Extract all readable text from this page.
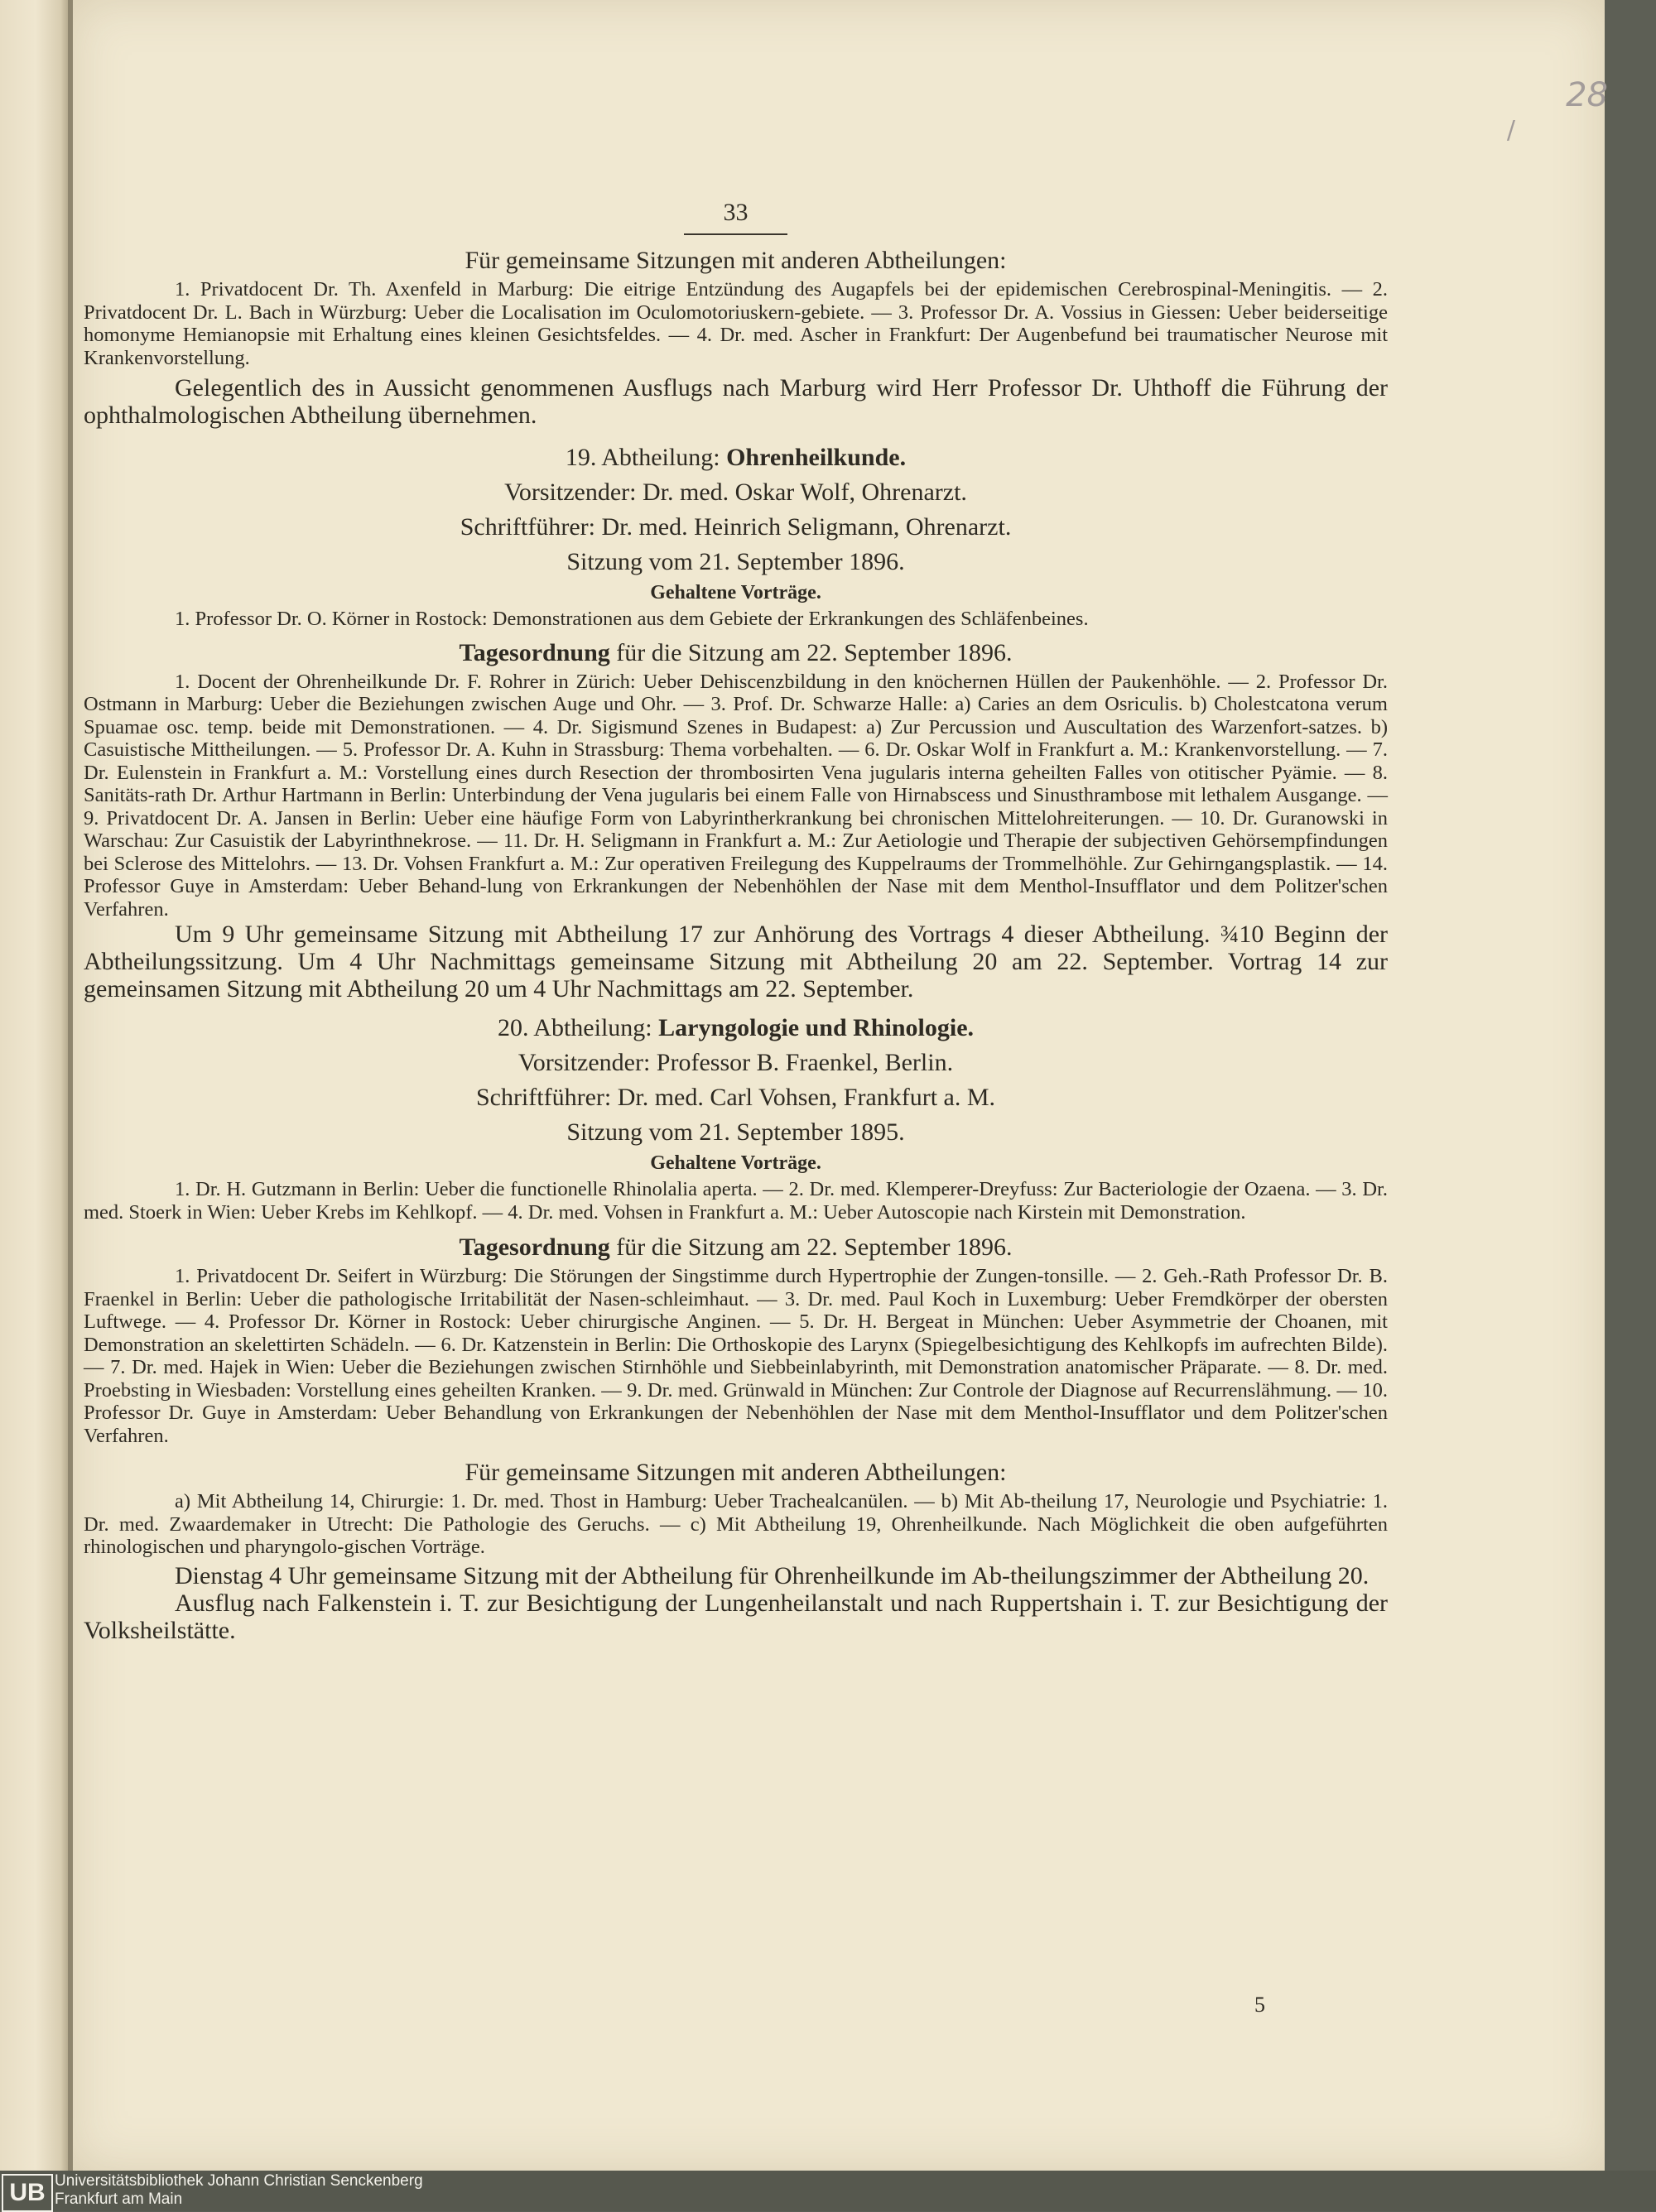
28
/

33

Für gemeinsame Sitzungen mit anderen Abtheilungen:

1. Privatdocent Dr. Th. Axenfeld in Marburg: Die eitrige Entzündung des Augapfels bei der epidemischen Cerebrospinal-Meningitis. — 2. Privatdocent Dr. L. Bach in Würzburg: Ueber die Localisation im Oculomotoriuskern-gebiete. — 3. Professor Dr. A. Vossius in Giessen: Ueber beiderseitige homonyme Hemianopsie mit Erhaltung eines kleinen Gesichtsfeldes. — 4. Dr. med. Ascher in Frankfurt: Der Augenbefund bei traumatischer Neurose mit Krankenvorstellung.

Gelegentlich des in Aussicht genommenen Ausflugs nach Marburg wird Herr Professor Dr. Uhthoff die Führung der ophthalmologischen Abtheilung übernehmen.

19. Abtheilung: Ohrenheilkunde.

Vorsitzender: Dr. med. Oskar Wolf, Ohrenarzt.

Schriftführer: Dr. med. Heinrich Seligmann, Ohrenarzt.

Sitzung vom 21. September 1896.

Gehaltene Vorträge.

1. Professor Dr. O. Körner in Rostock: Demonstrationen aus dem Gebiete der Erkrankungen des Schläfenbeines.

Tagesordnung für die Sitzung am 22. September 1896.

1. Docent der Ohrenheilkunde Dr. F. Rohrer in Zürich: Ueber Dehiscenzbildung in den knöchernen Hüllen der Paukenhöhle. — 2. Professor Dr. Ostmann in Marburg: Ueber die Beziehungen zwischen Auge und Ohr. — 3. Prof. Dr. Schwarze Halle: a) Caries an dem Osriculis. b) Cholestcatona verum Spuamae osc. temp. beide mit Demonstrationen. — 4. Dr. Sigismund Szenes in Budapest: a) Zur Percussion und Auscultation des Warzenfort-satzes. b) Casuistische Mittheilungen. — 5. Professor Dr. A. Kuhn in Strassburg: Thema vorbehalten. — 6. Dr. Oskar Wolf in Frankfurt a. M.: Krankenvorstellung. — 7. Dr. Eulenstein in Frankfurt a. M.: Vorstellung eines durch Resection der thrombosirten Vena jugularis interna geheilten Falles von otitischer Pyämie. — 8. Sanitäts-rath Dr. Arthur Hartmann in Berlin: Unterbindung der Vena jugularis bei einem Falle von Hirnabscess und Sinusthrambose mit lethalem Ausgange. — 9. Privatdocent Dr. A. Jansen in Berlin: Ueber eine häufige Form von Labyrintherkrankung bei chronischen Mittelohreiterungen. — 10. Dr. Guranowski in Warschau: Zur Casuistik der Labyrinthnekrose. — 11. Dr. H. Seligmann in Frankfurt a. M.: Zur Aetiologie und Therapie der subjectiven Gehörsempfindungen bei Sclerose des Mittelohrs. — 13. Dr. Vohsen Frankfurt a. M.: Zur operativen Freilegung des Kuppelraums der Trommelhöhle. Zur Gehirngangsplastik. — 14. Professor Guye in Amsterdam: Ueber Behand-lung von Erkrankungen der Nebenhöhlen der Nase mit dem Menthol-Insufflator und dem Politzer'schen Verfahren.

Um 9 Uhr gemeinsame Sitzung mit Abtheilung 17 zur Anhörung des Vortrags 4 dieser Abtheilung. ¾10 Beginn der Abtheilungssitzung. Um 4 Uhr Nachmittags gemeinsame Sitzung mit Abtheilung 20 am 22. September. Vortrag 14 zur gemeinsamen Sitzung mit Abtheilung 20 um 4 Uhr Nachmittags am 22. September.

20. Abtheilung: Laryngologie und Rhinologie.

Vorsitzender: Professor B. Fraenkel, Berlin.

Schriftführer: Dr. med. Carl Vohsen, Frankfurt a. M.

Sitzung vom 21. September 1895.

Gehaltene Vorträge.

1. Dr. H. Gutzmann in Berlin: Ueber die functionelle Rhinolalia aperta. — 2. Dr. med. Klemperer-Dreyfuss: Zur Bacteriologie der Ozaena. — 3. Dr. med. Stoerk in Wien: Ueber Krebs im Kehlkopf. — 4. Dr. med. Vohsen in Frankfurt a. M.: Ueber Autoscopie nach Kirstein mit Demonstration.

Tagesordnung für die Sitzung am 22. September 1896.

1. Privatdocent Dr. Seifert in Würzburg: Die Störungen der Singstimme durch Hypertrophie der Zungen-tonsille. — 2. Geh.-Rath Professor Dr. B. Fraenkel in Berlin: Ueber die pathologische Irritabilität der Nasen-schleimhaut. — 3. Dr. med. Paul Koch in Luxemburg: Ueber Fremdkörper der obersten Luftwege. — 4. Professor Dr. Körner in Rostock: Ueber chirurgische Anginen. — 5. Dr. H. Bergeat in München: Ueber Asymmetrie der Choanen, mit Demonstration an skelettirten Schädeln. — 6. Dr. Katzenstein in Berlin: Die Orthoskopie des Larynx (Spiegelbesichtigung des Kehlkopfs im aufrechten Bilde). — 7. Dr. med. Hajek in Wien: Ueber die Beziehungen zwischen Stirnhöhle und Siebbeinlabyrinth, mit Demonstration anatomischer Präparate. — 8. Dr. med. Proebsting in Wiesbaden: Vorstellung eines geheilten Kranken. — 9. Dr. med. Grünwald in München: Zur Controle der Diagnose auf Recurrenslähmung. — 10. Professor Dr. Guye in Amsterdam: Ueber Behandlung von Erkrankungen der Nebenhöhlen der Nase mit dem Menthol-Insufflator und dem Politzer'schen Verfahren.

Für gemeinsame Sitzungen mit anderen Abtheilungen:

a) Mit Abtheilung 14, Chirurgie: 1. Dr. med. Thost in Hamburg: Ueber Trachealcanülen. — b) Mit Ab-theilung 17, Neurologie und Psychiatrie: 1. Dr. med. Zwaardemaker in Utrecht: Die Pathologie des Geruchs. — c) Mit Abtheilung 19, Ohrenheilkunde. Nach Möglichkeit die oben aufgeführten rhinologischen und pharyngolo-gischen Vorträge.

Dienstag 4 Uhr gemeinsame Sitzung mit der Abtheilung für Ohrenheilkunde im Ab-theilungszimmer der Abtheilung 20.

Ausflug nach Falkenstein i. T. zur Besichtigung der Lungenheilanstalt und nach Ruppertshain i. T. zur Besichtigung der Volksheilstätte.

5
UB Universitätsbibliothek Johann Christian Senckenberg
Frankfurt am Main
